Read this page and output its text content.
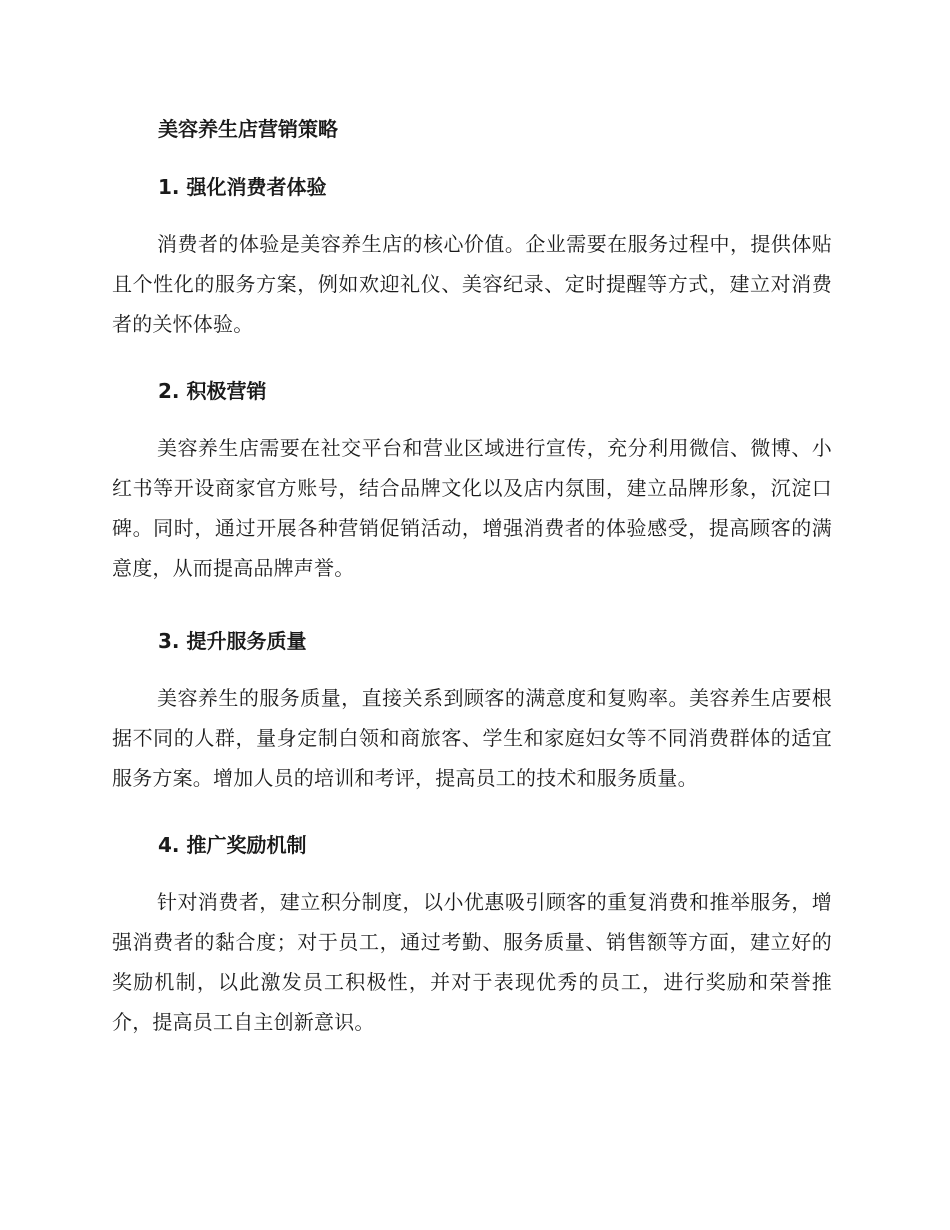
美容养生店营销策略
1. 强化消费者体验

消费者的体验是美容养生店的核心价值。企业需要在服务过程中，提供体贴且个性化的服务方案，例如欢迎礼仪、美容纪录、定时提醒等方式，建立对消费者的关怀体验。

2. 积极营销

美容养生店需要在社交平台和营业区域进行宣传，充分利用微信、微博、小红书等开设商家官方账号，结合品牌文化以及店内氛围，建立品牌形象，沉淀口碑。同时，通过开展各种营销促销活动，增强消费者的体验感受，提高顾客的满意度，从而提高品牌声誉。

3. 提升服务质量

美容养生的服务质量，直接关系到顾客的满意度和复购率。美容养生店要根据不同的人群，量身定制白领和商旅客、学生和家庭妇女等不同消费群体的适宜服务方案。增加人员的培训和考评，提高员工的技术和服务质量。

4. 推广奖励机制

针对消费者，建立积分制度，以小优惠吸引顾客的重复消费和推举服务，增强消费者的黏合度；对于员工，通过考勤、服务质量、销售额等方面，建立好的奖励机制，以此激发员工积极性，并对于表现优秀的员工，进行奖励和荣誉推介，提高员工自主创新意识。
